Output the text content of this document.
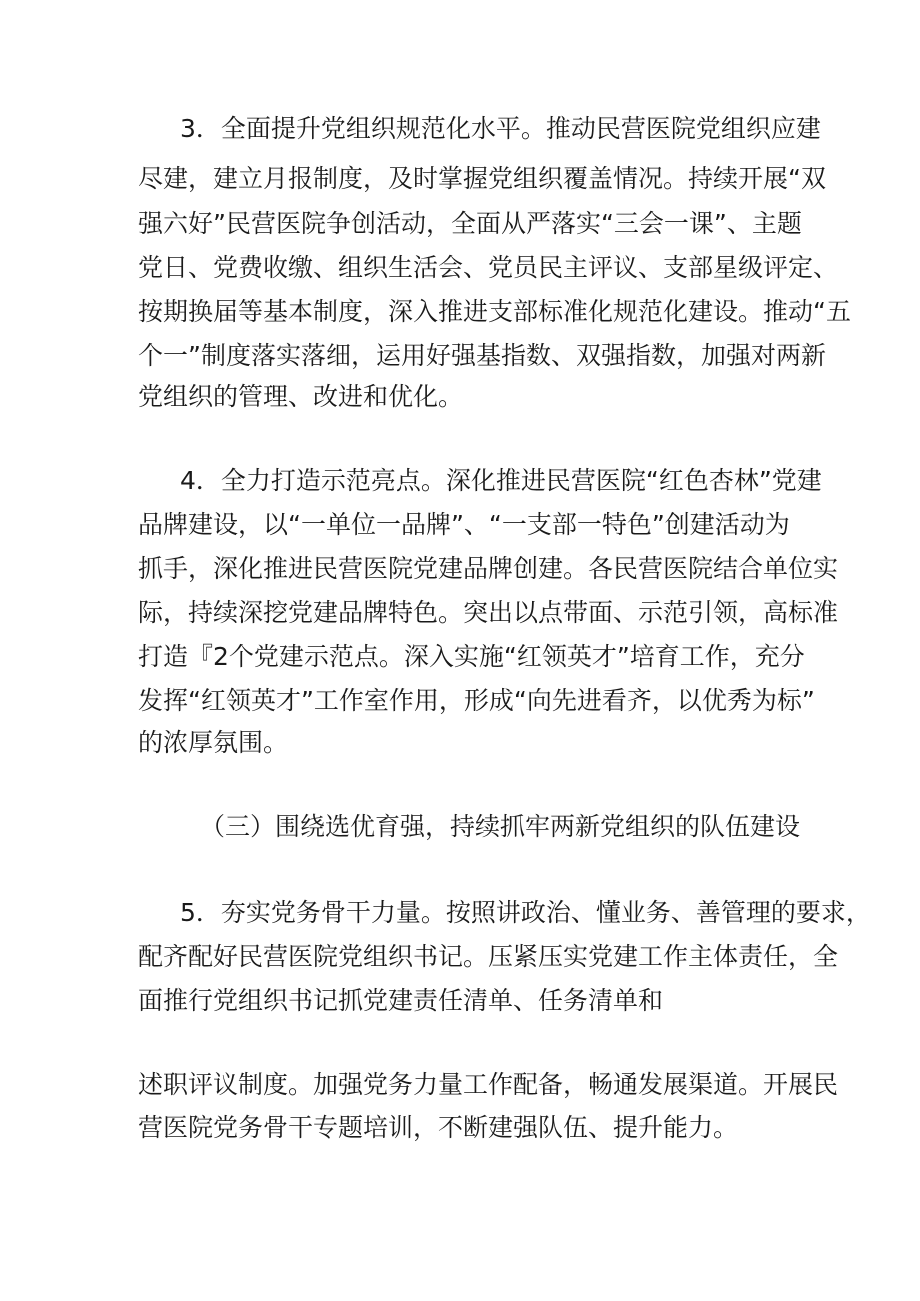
3．全面提升党组织规范化水平。推动民营医院党组织应建

尽建，建立月报制度，及时掌握党组织覆盖情况。持续开展“双

强六好”民营医院争创活动，全面从严落实“三会一课”、主题

党日、党费收缴、组织生活会、党员民主评议、支部星级评定、

按期换届等基本制度，深入推进支部标准化规范化建设。推动“五

个一”制度落实落细，运用好强基指数、双强指数，加强对两新

党组织的管理、改进和优化。

4．全力打造示范亮点。深化推进民营医院“红色杏林”党建

品牌建设，以“一单位一品牌”、“一支部一特色”创建活动为

抓手，深化推进民营医院党建品牌创建。各民营医院结合单位实

际，持续深挖党建品牌特色。突出以点带面、示范引领，高标准

打造『2个党建示范点。深入实施“红领英才”培育工作，充分

发挥“红领英才”工作室作用，形成“向先进看齐，以优秀为标”

的浓厚氛围。

（三）围绕选优育强，持续抓牢两新党组织的队伍建设

5．夯实党务骨干力量。按照讲政治、懂业务、善管理的要求，

配齐配好民营医院党组织书记。压紧压实党建工作主体责任，全

面推行党组织书记抓党建责任清单、任务清单和

述职评议制度。加强党务力量工作配备，畅通发展渠道。开展民

营医院党务骨干专题培训，不断建强队伍、提升能力。
